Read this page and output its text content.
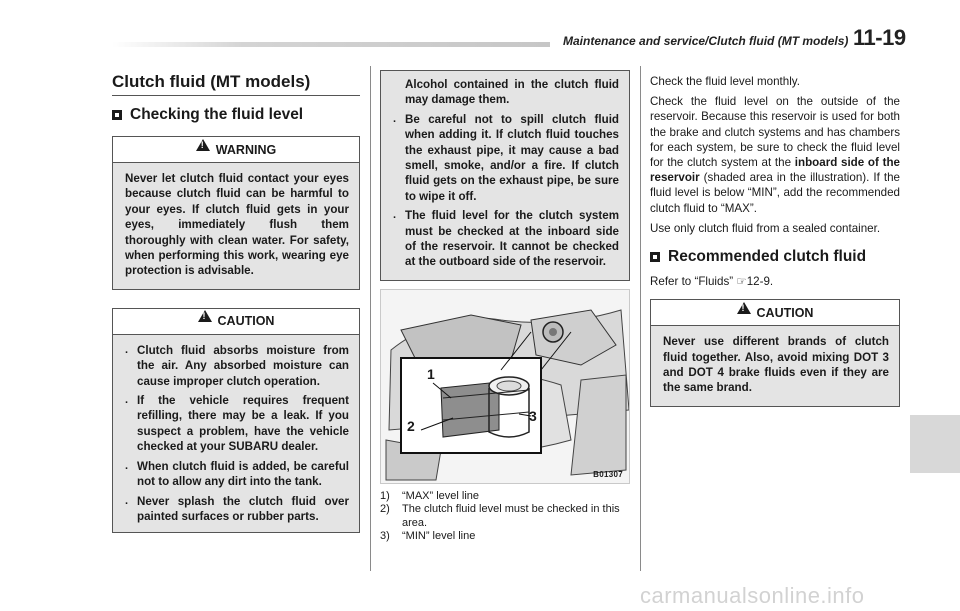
Maintenance and service/Clutch fluid (MT models) 11-19
Clutch fluid (MT models)
Checking the fluid level
!
WARNING
Never let clutch fluid contact your eyes because clutch fluid can be harmful to your eyes. If clutch fluid gets in your eyes, immediately flush them thoroughly with clean water. For safety, when performing this work, wearing eye protection is advisable.
!
CAUTION
. Clutch fluid absorbs moisture from the air. Any absorbed moisture can cause improper clutch operation.
. If the vehicle requires frequent refilling, there may be a leak. If you suspect a problem, have the vehicle checked at your SUBARU dealer.
. When clutch fluid is added, be careful not to allow any dirt into the tank.
. Never splash the clutch fluid over painted surfaces or rubber parts.
Alcohol contained in the clutch fluid may damage them.
. Be careful not to spill clutch fluid when adding it. If clutch fluid touches the exhaust pipe, it may cause a bad smell, smoke, and/or a fire. If clutch fluid gets on the exhaust pipe, be sure to wipe it off.
. The fluid level for the clutch system must be checked at the inboard side of the reservoir. It cannot be checked at the outboard side of the reservoir.
1
2
3
B01307
1)	“MAX” level line
2)	The clutch fluid level must be checked in this area.
3)	“MIN” level line
Check the fluid level monthly.
Check the fluid level on the outside of the reservoir. Because this reservoir is used for both the brake and clutch systems and has chambers for each system, be sure to check the fluid level for the clutch system at the inboard side of the reservoir (shaded area in the illustration). If the fluid level is below “MIN”, add the recommended clutch fluid to “MAX”.
Use only clutch fluid from a sealed container.
Recommended clutch fluid
Refer to “Fluids” ☞12-9.
!
CAUTION
Never use different brands of clutch fluid together. Also, avoid mixing DOT 3 and DOT 4 brake fluids even if they are the same brand.
carmanualsonline.info
